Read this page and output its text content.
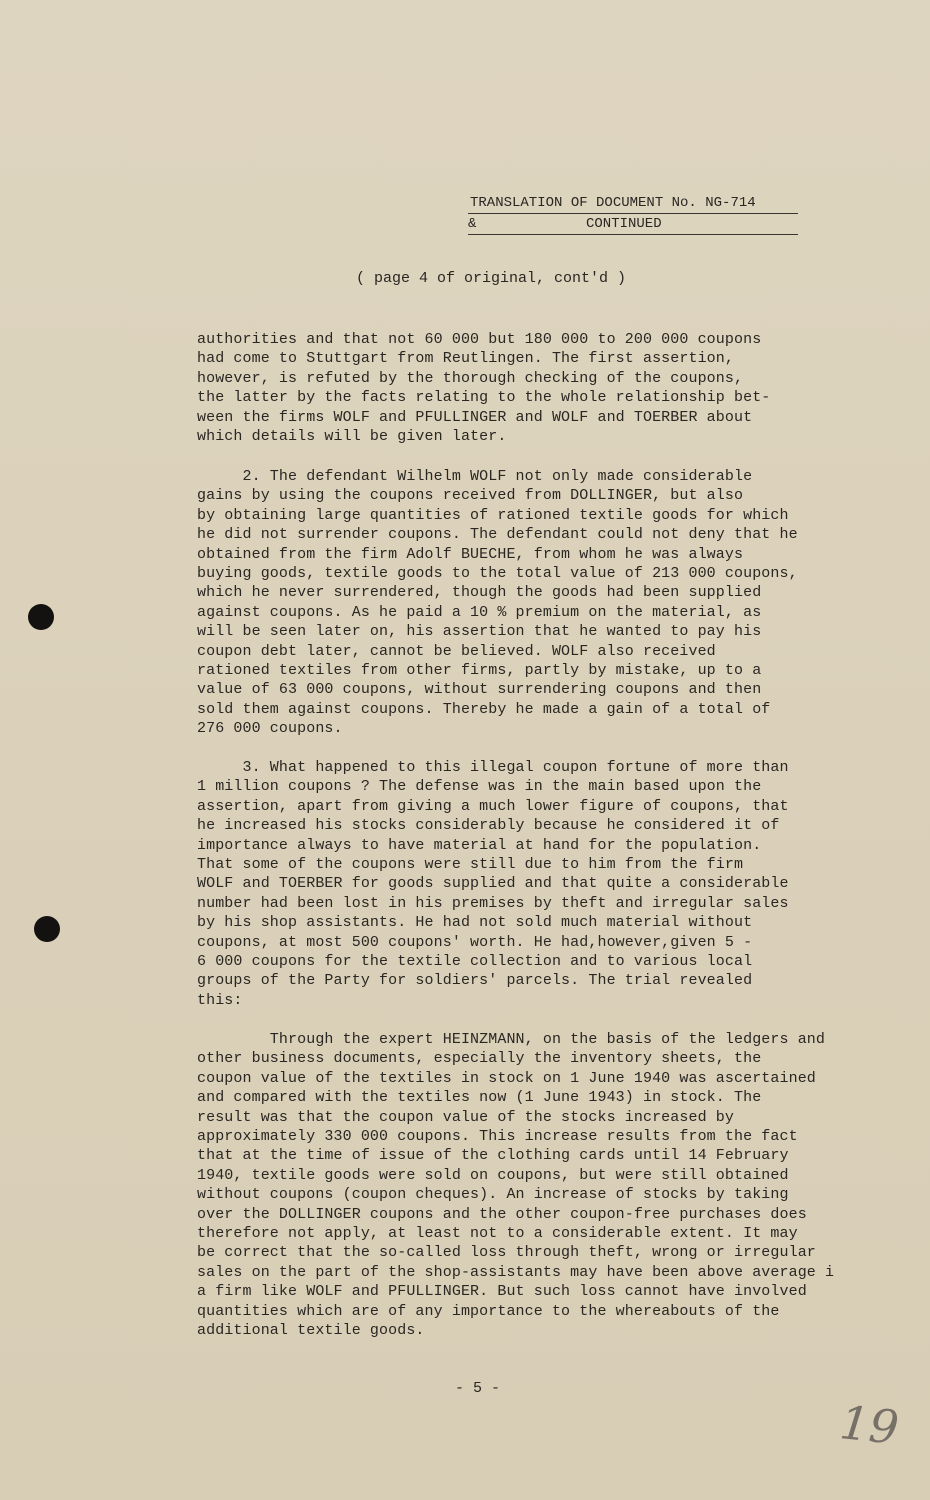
TRANSLATION OF DOCUMENT No. NG-714
&	CONTINUED
( page 4 of original, cont'd )
authorities and that not 60 000 but 180 000 to 200 000 coupons
had come to Stuttgart from Reutlingen. The first assertion,
however, is refuted by the thorough checking of the coupons,
the latter by the facts relating to the whole relationship bet-
ween the firms WOLF and PFULLINGER and WOLF and TOERBER about
which details will be given later.
2. The defendant Wilhelm WOLF not only made considerable
gains by using the coupons received from DOLLINGER, but also
by obtaining large quantities of rationed textile goods for which
he did not surrender coupons. The defendant could not deny that he
obtained from the firm Adolf BUECHE, from whom he was always
buying goods, textile goods to the total value of 213 000 coupons,
which he never surrendered, though the goods had been supplied
against coupons. As he paid a 10 % premium on the material, as
will be seen later on, his assertion that he wanted to pay his
coupon debt later, cannot be believed. WOLF also received
rationed textiles from other firms, partly by mistake, up to a
value of 63 000 coupons, without surrendering coupons and then
sold them against coupons. Thereby he made a gain of a total of
276 000 coupons.
3. What happened to this illegal coupon fortune of more than
1 million coupons ? The defense was in the main based upon the
assertion, apart from giving a much lower figure of coupons, that
he increased his stocks considerably because he considered it of
importance always to have material at hand for the population.
That some of the coupons were still due to him from the firm
WOLF and TOERBER for goods supplied and that quite a considerable
number had been lost in his premises by theft and irregular sales
by his shop assistants. He had not sold much material without
coupons, at most 500 coupons' worth. He had,however,given 5 -
6 000 coupons for the textile collection and to various local
groups of the Party for soldiers' parcels. The trial revealed
this:
Through the expert HEINZMANN, on the basis of the ledgers and
other business documents, especially the inventory sheets, the
coupon value of the textiles in stock on 1 June 1940 was ascertained
and compared with the textiles now (1 June 1943) in stock. The
result was that the coupon value of the stocks increased by
approximately 330 000 coupons. This increase results from the fact
that at the time of issue of the clothing cards until 14 February
1940, textile goods were sold on coupons, but were still obtained
without coupons (coupon cheques). An increase of stocks by taking
over the DOLLINGER coupons and the other coupon-free purchases does
therefore not apply, at least not to a considerable extent. It may
be correct that the so-called loss through theft, wrong or irregular
sales on the part of the shop-assistants may have been above average i
a firm like WOLF and PFULLINGER. But such loss cannot have involved
quantities which are of any importance to the whereabouts of the
additional textile goods.
- 5 -
19
